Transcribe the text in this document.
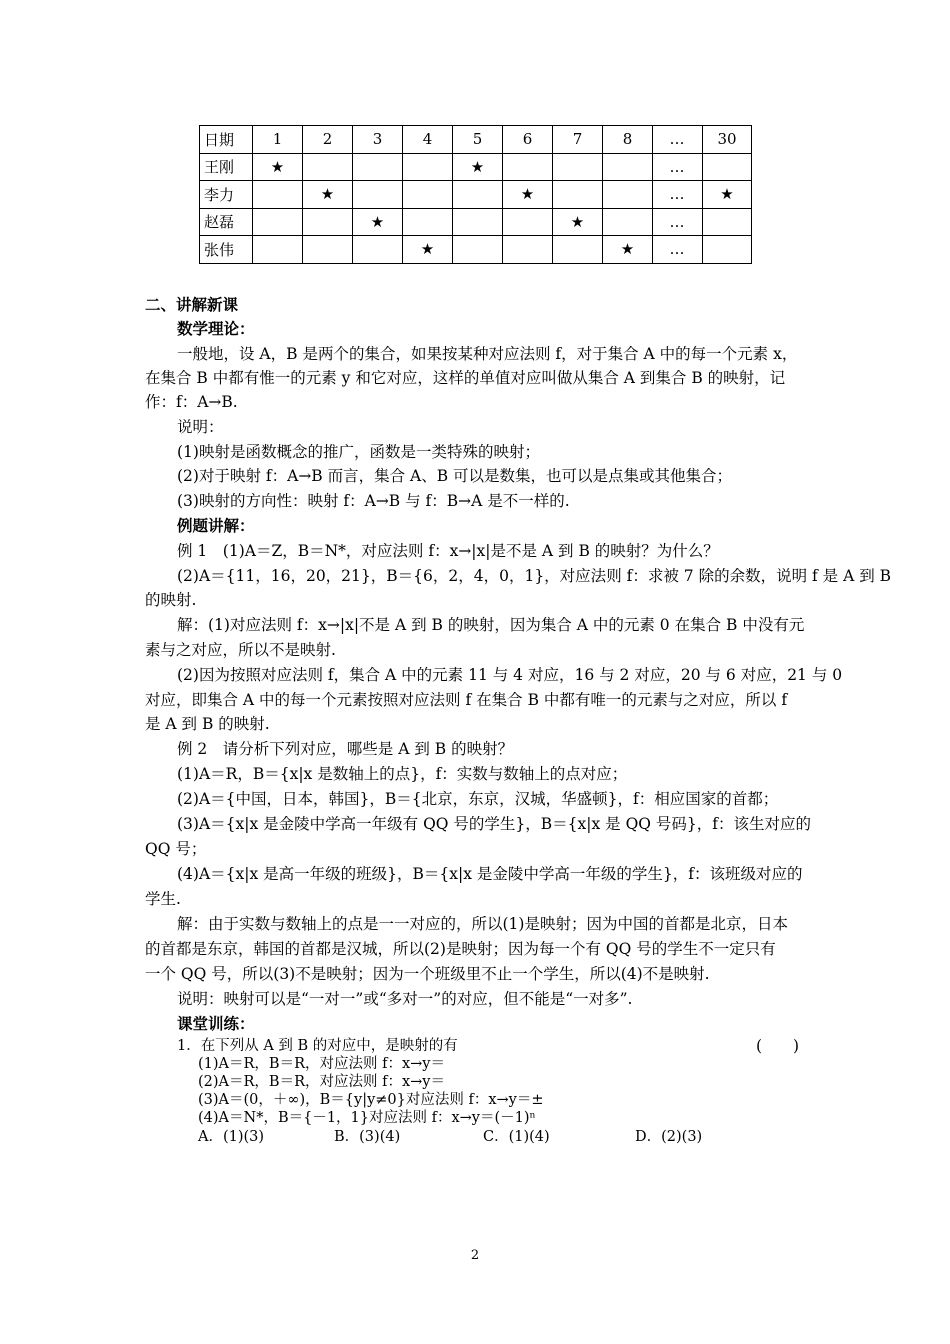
日期	1	2	3	4	5	6	7	8	…	30
王刚	★				★				…	
李力		★				★			…	★
赵磊			★				★		…	
张伟				★				★	…	
二、讲解新课
数学理论：
一般地，设 A，B 是两个的集合，如果按某种对应法则 f，对于集合 A 中的每一个元素 x，
在集合 B 中都有惟一的元素 y 和它对应，这样的单值对应叫做从集合 A 到集合 B 的映射，记
作：f：A→B.
说明：
(1)映射是函数概念的推广，函数是一类特殊的映射；
(2)对于映射 f：A→B 而言，集合 A、B 可以是数集，也可以是点集或其他集合；
(3)映射的方向性：映射 f：A→B 与 f：B→A 是不一样的.
例题讲解：
例 1　(1)A＝Z，B＝N*，对应法则 f：x→|x|是不是 A 到 B 的映射？为什么？
(2)A＝{11，16，20，21}，B＝{6，2，4，0，1}，对应法则 f：求被 7 除的余数，说明 f 是 A 到 B
的映射.
解：(1)对应法则 f：x→|x|不是 A 到 B 的映射，因为集合 A 中的元素 0 在集合 B 中没有元
素与之对应，所以不是映射.
(2)因为按照对应法则 f，集合 A 中的元素 11 与 4 对应，16 与 2 对应，20 与 6 对应，21 与 0
对应，即集合 A 中的每一个元素按照对应法则 f 在集合 B 中都有唯一的元素与之对应，所以 f
是 A 到 B 的映射.
例 2　请分析下列对应，哪些是 A 到 B 的映射？
(1)A＝R，B＝{x|x 是数轴上的点}，f：实数与数轴上的点对应；
(2)A＝{中国，日本，韩国}，B＝{北京，东京，汉城，华盛顿}，f：相应国家的首都；
(3)A＝{x|x 是金陵中学高一年级有 QQ 号的学生}，B＝{x|x 是 QQ 号码}，f：该生对应的
QQ 号；
(4)A＝{x|x 是高一年级的班级}，B＝{x|x 是金陵中学高一年级的学生}，f：该班级对应的
学生.
解：由于实数与数轴上的点是一一对应的，所以(1)是映射；因为中国的首都是北京，日本
的首都是东京，韩国的首都是汉城，所以(2)是映射；因为每一个有 QQ 号的学生不一定只有
一个 QQ 号，所以(3)不是映射；因为一个班级里不止一个学生，所以(4)不是映射.
说明：映射可以是“一对一”或“多对一”的对应，但不能是“一对多”.
课堂训练：
1．在下列从 A 到 B 的对应中，是映射的有	(　　)
(1)A＝R，B＝R，对应法则 f：x→y＝
(2)A＝R，B＝R，对应法则 f：x→y＝
(3)A＝(0，＋∞)，B＝{y|y≠0}对应法则 f：x→y＝±
(4)A＝N*，B＝{－1，1}对应法则 f：x→y＝(－1)ⁿ
A．(1)(3)	B．(3)(4)	C．(1)(4)	D．(2)(3)
2
